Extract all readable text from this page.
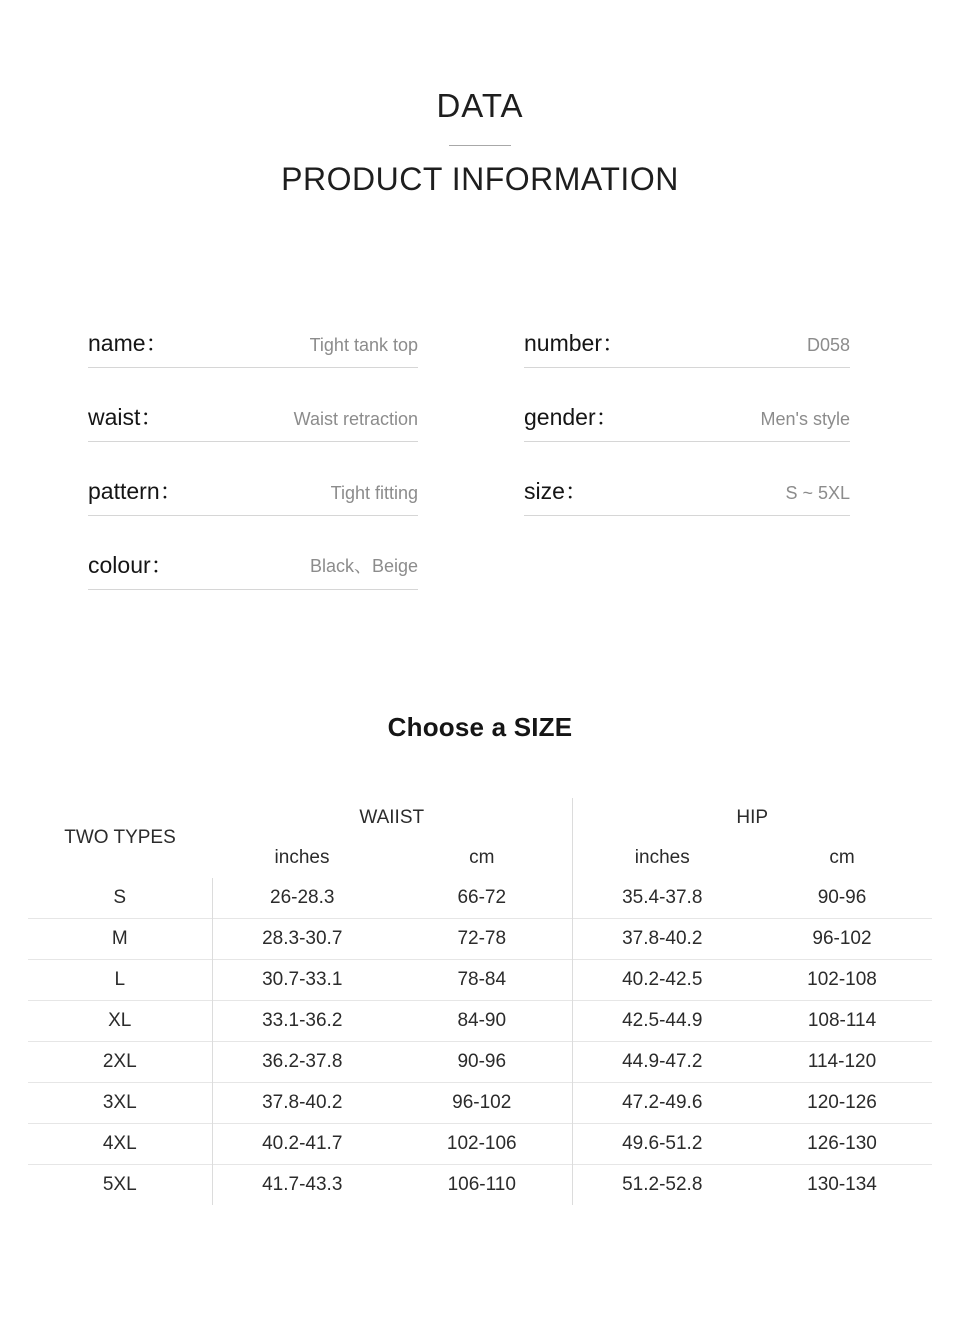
DATA
PRODUCT INFORMATION
name：	Tight tank top
waist：	Waist retraction
pattern：	Tight fitting
colour：	Black、Beige
number：	D058
gender：	Men's style
size：	S ~ 5XL
Choose a SIZE
TWO TYPES	WAIIST		HIP	
	inches	cm	inches	cm
S	26-28.3	66-72	35.4-37.8	90-96
M	28.3-30.7	72-78	37.8-40.2	96-102
L	30.7-33.1	78-84	40.2-42.5	102-108
XL	33.1-36.2	84-90	42.5-44.9	108-114
2XL	36.2-37.8	90-96	44.9-47.2	114-120
3XL	37.8-40.2	96-102	47.2-49.6	120-126
4XL	40.2-41.7	102-106	49.6-51.2	126-130
5XL	41.7-43.3	106-110	51.2-52.8	130-134
